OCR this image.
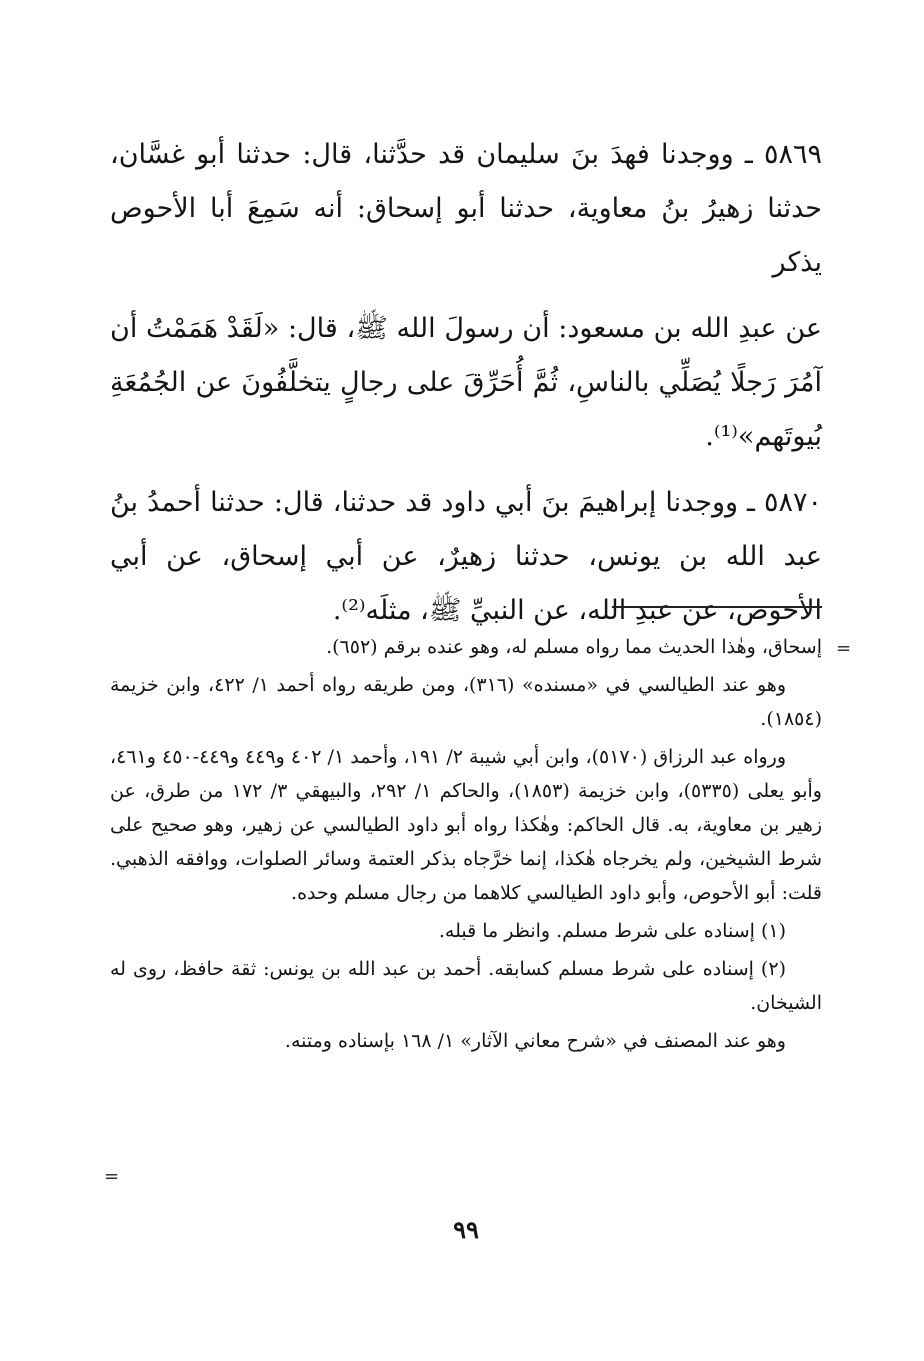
٥٨٦٩ ـ ووجدنا فهدَ بنَ سليمان قد حدَّثنا، قال: حدثنا أبو غسَّان، حدثنا زهيرُ بنُ معاوية، حدثنا أبو إسحاق: أنه سَمِعَ أبا الأحوص يذكر

عن عبدِ الله بن مسعود: أن رسولَ الله ﷺ، قال: «لَقَدْ هَمَمْتُ أن آمُرَ رَجلًا يُصَلِّي بالناسِ، ثُمَّ أُحَرِّقَ على رجالٍ يتخلَّفُونَ عن الجُمُعَةِ بُيوتَهم»⁽¹⁾.

٥٨٧٠ ـ ووجدنا إبراهيمَ بنَ أبي داود قد حدثنا، قال: حدثنا أحمدُ بنُ عبد الله بن يونس، حدثنا زهيرٌ، عن أبي إسحاق، عن أبي الأحوص، عن عبدِ الله، عن النبيِّ ﷺ، مثلَه⁽²⁾.

إسحاق، وهٰذا الحديث مما رواه مسلم له، وهو عنده برقم (٦٥٢).

وهو عند الطيالسي في «مسنده» (٣١٦)، ومن طريقه رواه أحمد ١/ ٤٢٢، وابن خزيمة (١٨٥٤).

ورواه عبد الرزاق (٥١٧٠)، وابن أبي شيبة ٢/ ١٩١، وأحمد ١/ ٤٠٢ و٤٤٩ و٤٤٩-٤٥٠ و٤٦١، وأبو يعلى (٥٣٣٥)، وابن خزيمة (١٨٥٣)، والحاكم ١/ ٢٩٢، والبيهقي ٣/ ١٧٢ من طرق، عن زهير بن معاوية، به. قال الحاكم: وهٰكذا رواه أبو داود الطيالسي عن زهير، وهو صحيح على شرط الشيخين، ولم يخرجاه هٰكذا، إنما خرَّجاه بذكر العتمة وسائر الصلوات، ووافقه الذهبي. قلت: أبو الأحوص، وأبو داود الطيالسي كلاهما من رجال مسلم وحده.

(١) إسناده على شرط مسلم. وانظر ما قبله.

(٢) إسناده على شرط مسلم كسابقه. أحمد بن عبد الله بن يونس: ثقة حافظ، روى له الشيخان.

وهو عند المصنف في «شرح معاني الآثار» ١/ ١٦٨ بإسناده ومتنه.

٩٩
=
=
